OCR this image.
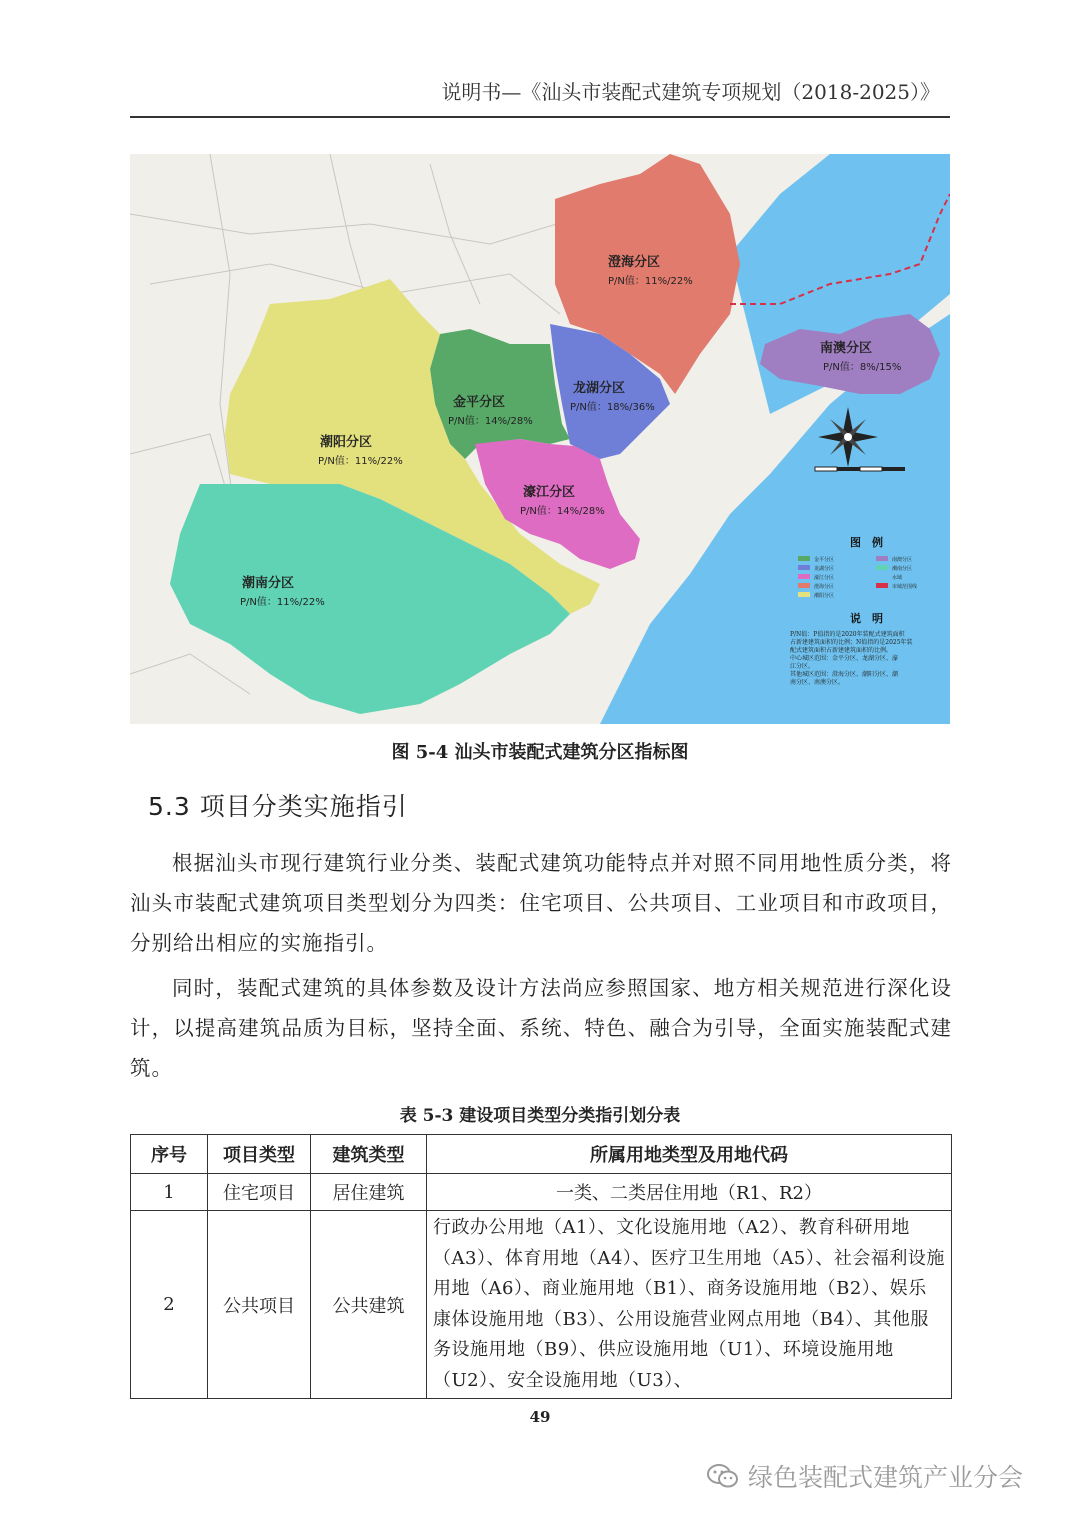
说明书—《汕头市装配式建筑专项规划（2018-2025）》
图　例
说　明
金平分区
龙湖分区
濠江分区
澄海分区
潮阳分区
南澳分区
潮南分区
水域
市域范围线
P/N值：P值指的是2020年装配式建筑面积
占新建建筑面积的比例；N值指的是2025年装
配式建筑面积占新建建筑面积的比例。
中心城区范围：金平分区、龙湖分区、濠
江分区。
其他城区范围：澄海分区、潮阳分区、潮
南分区、南澳分区。
澄海分区
P/N值：11%/22%
南澳分区
P/N值：8%/15%
龙湖分区
P/N值：18%/36%
金平分区
P/N值：14%/28%
潮阳分区
P/N值：11%/22%
濠江分区
P/N值：14%/28%
潮南分区
P/N值：11%/22%
图 5-4 汕头市装配式建筑分区指标图
5.3 项目分类实施指引
根据汕头市现行建筑行业分类、装配式建筑功能特点并对照不同用地性质分类，将汕头市装配式建筑项目类型划分为四类：住宅项目、公共项目、工业项目和市政项目，分别给出相应的实施指引。
同时，装配式建筑的具体参数及设计方法尚应参照国家、地方相关规范进行深化设计，以提高建筑品质为目标，坚持全面、系统、特色、融合为引导，全面实施装配式建筑。
表 5-3 建设项目类型分类指引划分表
序号	项目类型	建筑类型	所属用地类型及用地代码
1	住宅项目	居住建筑	一类、二类居住用地（R1、R2）
2	公共项目	公共建筑	行政办公用地（A1）、文化设施用地（A2）、教育科研用地（A3）、体育用地（A4）、医疗卫生用地（A5）、社会福利设施用地（A6）、商业施用地（B1）、商务设施用地（B2）、娱乐康体设施用地（B3）、公用设施营业网点用地（B4）、其他服务设施用地（B9）、供应设施用地（U1）、环境设施用地（U2）、安全设施用地（U3）、
49
绿色装配式建筑产业分会
